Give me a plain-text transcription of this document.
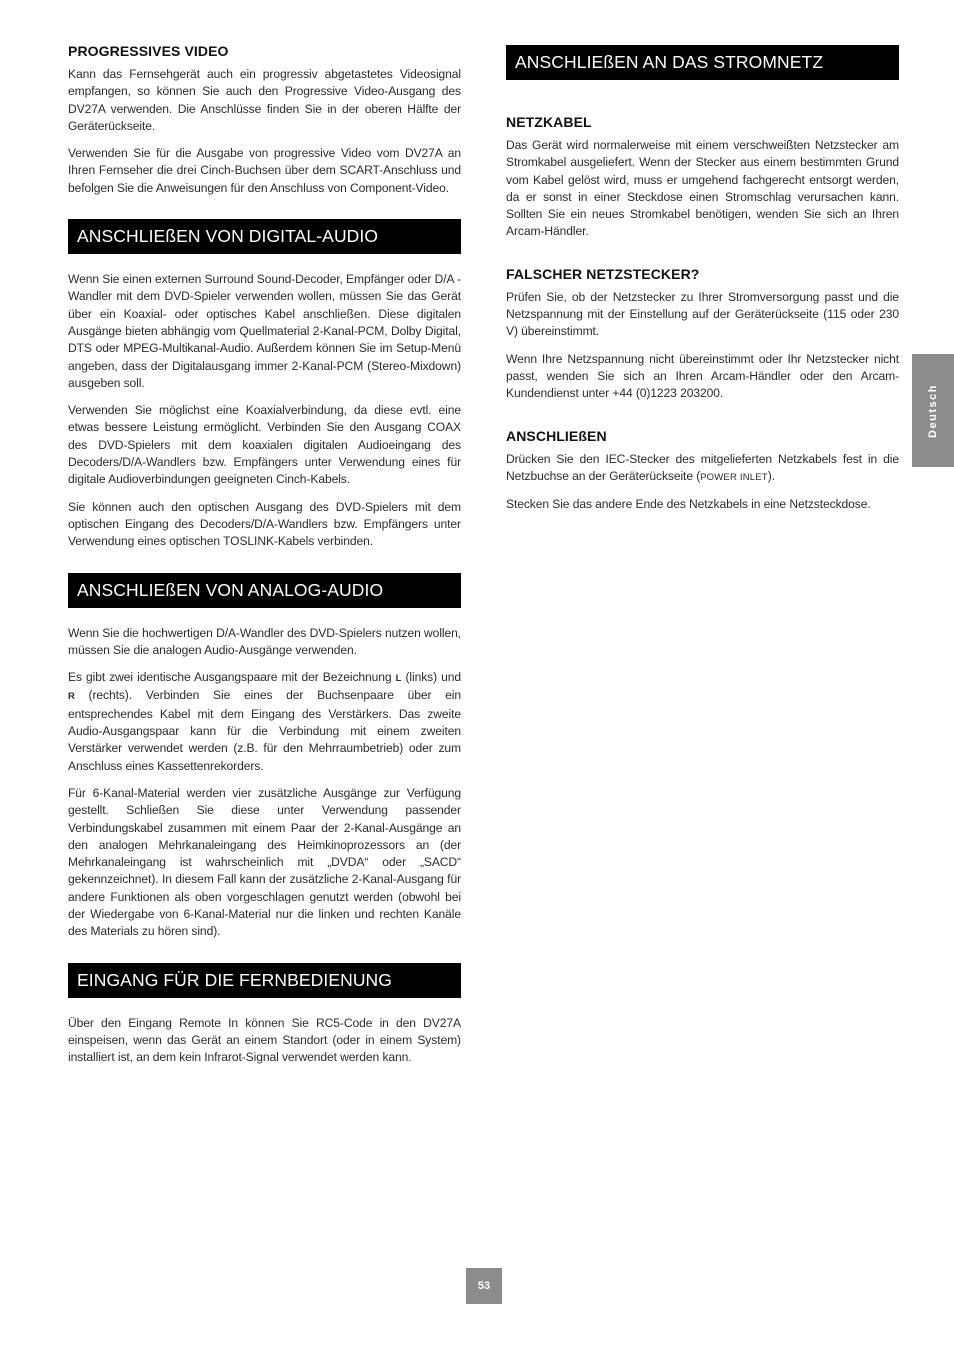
PROGRESSIVES VIDEO

Kann das Fernsehgerät auch ein progressiv abgetastetes Videosignal empfangen, so können Sie auch den Progressive Video-Ausgang des DV27A verwenden. Die Anschlüsse finden Sie in der oberen Hälfte der Geräterückseite.

Verwenden Sie für die Ausgabe von progressive Video vom DV27A an Ihren Fernseher die drei Cinch-Buchsen über dem SCART-Anschluss und befolgen Sie die Anweisungen für den Anschluss von Component-Video.

ANSCHLIEßEN VON DIGITAL-AUDIO

Wenn Sie einen externen Surround Sound-Decoder, Empfänger oder D/A -Wandler mit dem DVD-Spieler verwenden wollen, müssen Sie das Gerät über ein Koaxial- oder optisches Kabel anschließen. Diese digitalen Ausgänge bieten abhängig vom Quellmaterial 2-Kanal-PCM, Dolby Digital, DTS oder MPEG-Multikanal-Audio. Außerdem können Sie im Setup-Menü angeben, dass der Digitalausgang immer 2-Kanal-PCM (Stereo-Mixdown) ausgeben soll.

Verwenden Sie möglichst eine Koaxialverbindung, da diese evtl. eine etwas bessere Leistung ermöglicht. Verbinden Sie den Ausgang COAX des DVD-Spielers mit dem koaxialen digitalen Audioeingang des Decoders/D/A-Wandlers bzw. Empfängers unter Verwendung eines für digitale Audioverbindungen geeigneten Cinch-Kabels.

Sie können auch den optischen Ausgang des DVD-Spielers mit dem optischen Eingang des Decoders/D/A-Wandlers bzw. Empfängers unter Verwendung eines optischen TOSLINK-Kabels verbinden.

ANSCHLIEßEN VON ANALOG-AUDIO

Wenn Sie die hochwertigen D/A-Wandler des DVD-Spielers nutzen wollen, müssen Sie die analogen Audio-Ausgänge verwenden.

Es gibt zwei identische Ausgangspaare mit der Bezeichnung L (links) und R (rechts). Verbinden Sie eines der Buchsenpaare über ein entsprechendes Kabel mit dem Eingang des Verstärkers. Das zweite Audio-Ausgangspaar kann für die Verbindung mit einem zweiten Verstärker verwendet werden (z.B. für den Mehrraumbetrieb) oder zum Anschluss eines Kassettenrekorders.

Für 6-Kanal-Material werden vier zusätzliche Ausgänge zur Verfügung gestellt. Schließen Sie diese unter Verwendung passender Verbindungskabel zusammen mit einem Paar der 2-Kanal-Ausgänge an den analogen Mehrkanaleingang des Heimkinoprozessors an (der Mehrkanaleingang ist wahrscheinlich mit „DVDA“ oder „SACD“ gekennzeichnet). In diesem Fall kann der zusätzliche 2-Kanal-Ausgang für andere Funktionen als oben vorgeschlagen genutzt werden (obwohl bei der Wiedergabe von 6-Kanal-Material nur die linken und rechten Kanäle des Materials zu hören sind).

EINGANG FÜR DIE FERNBEDIENUNG

Über den Eingang Remote In können Sie RC5-Code in den DV27A einspeisen, wenn das Gerät an einem Standort (oder in einem System) installiert ist, an dem kein Infrarot-Signal verwendet werden kann.

ANSCHLIEßEN AN DAS STROMNETZ
NETZKABEL

Das Gerät wird normalerweise mit einem verschweißten Netzstecker am Stromkabel ausgeliefert. Wenn der Stecker aus einem bestimmten Grund vom Kabel gelöst wird, muss er umgehend fachgerecht entsorgt werden, da er sonst in einer Steckdose einen Stromschlag verursachen kann. Sollten Sie ein neues Stromkabel benötigen, wenden Sie sich an Ihren Arcam-Händler.

FALSCHER NETZSTECKER?

Prüfen Sie, ob der Netzstecker zu Ihrer Stromversorgung passt und die Netzspannung mit der Einstellung auf der Geräterückseite (115 oder 230 V) übereinstimmt.

Wenn Ihre Netzspannung nicht übereinstimmt oder Ihr Netzstecker nicht passt, wenden Sie sich an Ihren Arcam-Händler oder den Arcam-Kundendienst unter +44 (0)1223 203200.

ANSCHLIEßEN

Drücken Sie den IEC-Stecker des mitgelieferten Netzkabels fest in die Netzbuchse an der Geräterückseite (POWER INLET).

Stecken Sie das andere Ende des Netzkabels in eine Netzsteckdose.

Deutsch
53
